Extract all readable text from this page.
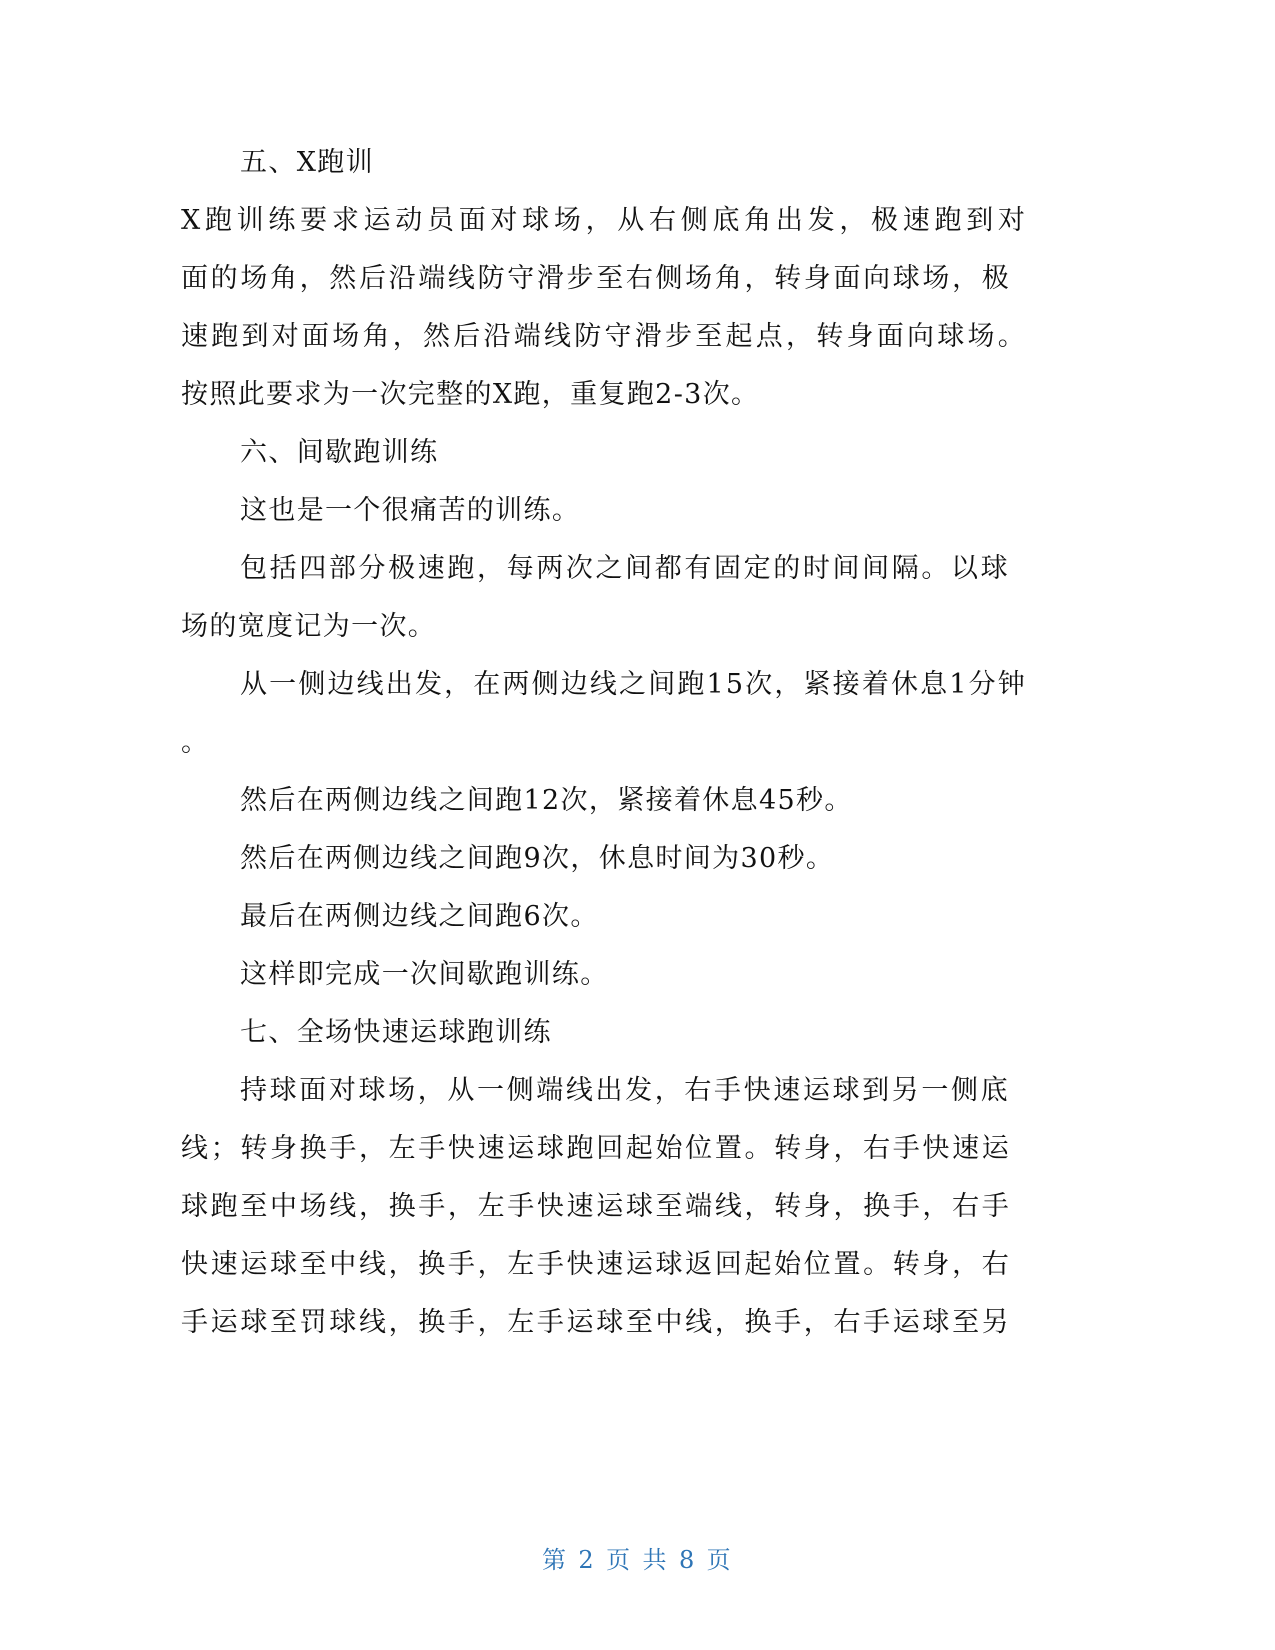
五、X跑训
X 跑 训 练 要 求 运 动 员 面 对 球 场 ， 从 右 侧 底 角 出 发 ， 极 速 跑 到 对
面 的 场 角 ， 然 后 沿 端 线 防 守 滑 步 至 右 侧 场 角 ， 转 身 面 向 球 场 ， 极
速 跑 到 对 面 场 角 ， 然 后 沿 端 线 防 守 滑 步 至 起 点 ， 转 身 面 向 球 场 。
按照此要求为一次完整的X跑，重复跑2-3次。
六、间歇跑训练
这也是一个很痛苦的训练。
包 括 四 部 分 极 速 跑 ， 每 两 次 之 间 都 有 固 定 的 时 间 间 隔 。 以 球
场的宽度记为一次。
从 一 侧 边 线 出 发 ， 在 两 侧 边 线 之 间 跑 1 5 次 ， 紧 接 着 休 息 1 分 钟
。
然后在两侧边线之间跑12次，紧接着休息45秒。
然后在两侧边线之间跑9次，休息时间为30秒。
最后在两侧边线之间跑6次。
这样即完成一次间歇跑训练。
七、全场快速运球跑训练
持 球 面 对 球 场 ， 从 一 侧 端 线 出 发 ， 右 手 快 速 运 球 到 另 一 侧 底
线 ； 转 身 换 手 ， 左 手 快 速 运 球 跑 回 起 始 位 置 。 转 身 ， 右 手 快 速 运
球 跑 至 中 场 线 ， 换 手 ， 左 手 快 速 运 球 至 端 线 ， 转 身 ， 换 手 ， 右 手
快 速 运 球 至 中 线 ， 换 手 ， 左 手 快 速 运 球 返 回 起 始 位 置 。 转 身 ， 右
手 运 球 至 罚 球 线 ， 换 手 ， 左 手 运 球 至 中 线 ， 换 手 ， 右 手 运 球 至 另
第 2 页 共 8 页
